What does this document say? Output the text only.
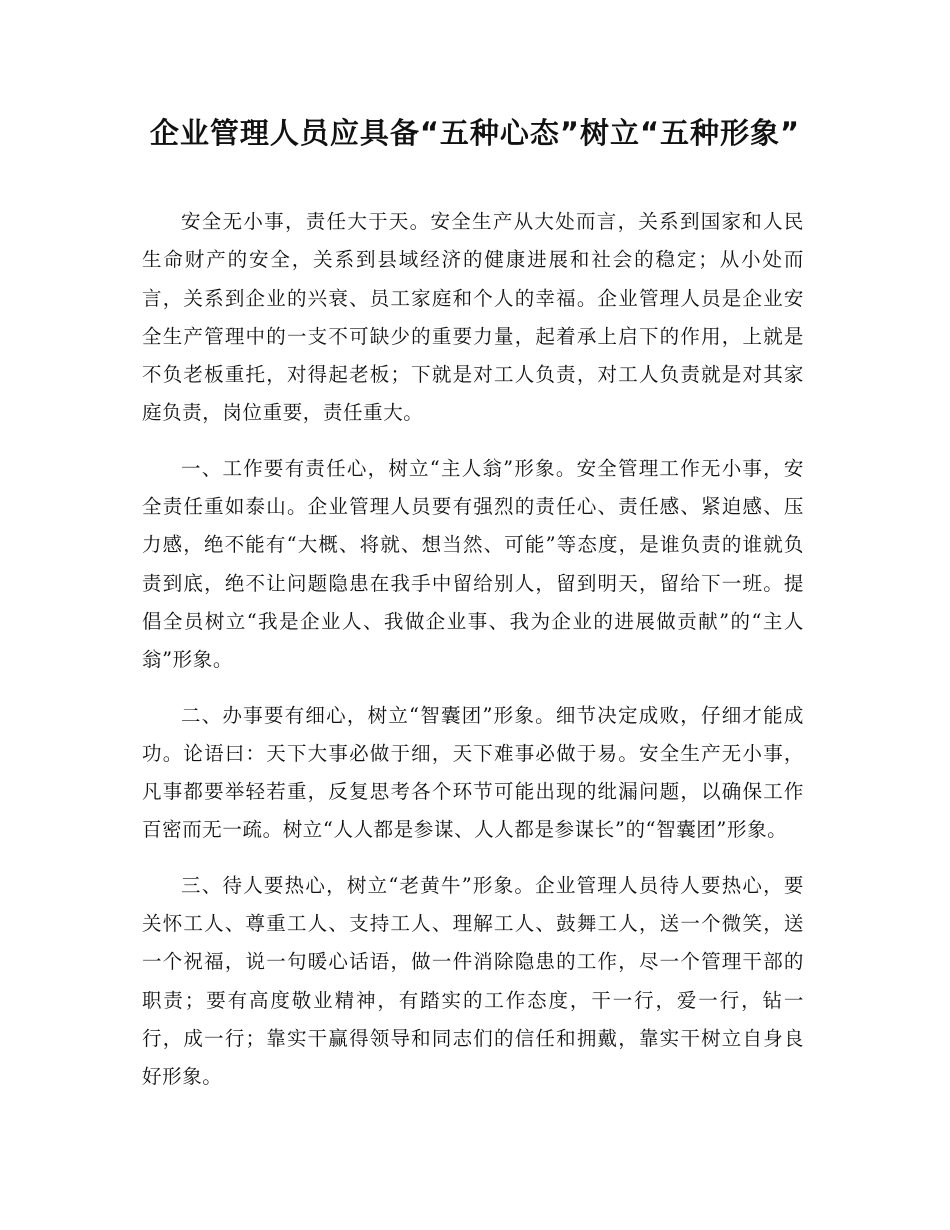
企业管理人员应具备“五种心态”树立“五种形象”

安全无小事，责任大于天。安全生产从大处而言，关系到国家和人民生命财产的安全，关系到县域经济的健康进展和社会的稳定；从小处而言，关系到企业的兴衰、员工家庭和个人的幸福。企业管理人员是企业安全生产管理中的一支不可缺少的重要力量，起着承上启下的作用，上就是不负老板重托，对得起老板；下就是对工人负责，对工人负责就是对其家庭负责，岗位重要，责任重大。

一、工作要有责任心，树立“主人翁”形象。安全管理工作无小事，安全责任重如泰山。企业管理人员要有强烈的责任心、责任感、紧迫感、压力感，绝不能有“大概、将就、想当然、可能”等态度，是谁负责的谁就负责到底，绝不让问题隐患在我手中留给别人，留到明天，留给下一班。提倡全员树立“我是企业人、我做企业事、我为企业的进展做贡献”的“主人翁”形象。

二、办事要有细心，树立“智囊团”形象。细节决定成败，仔细才能成功。论语曰：天下大事必做于细，天下难事必做于易。安全生产无小事，凡事都要举轻若重，反复思考各个环节可能出现的纰漏问题，以确保工作百密而无一疏。树立“人人都是参谋、人人都是参谋长”的“智囊团”形象。

三、待人要热心，树立“老黄牛”形象。企业管理人员待人要热心，要关怀工人、尊重工人、支持工人、理解工人、鼓舞工人，送一个微笑，送一个祝福，说一句暖心话语，做一件消除隐患的工作，尽一个管理干部的职责；要有高度敬业精神，有踏实的工作态度，干一行，爱一行，钻一行，成一行；靠实干赢得领导和同志们的信任和拥戴，靠实干树立自身良好形象。
